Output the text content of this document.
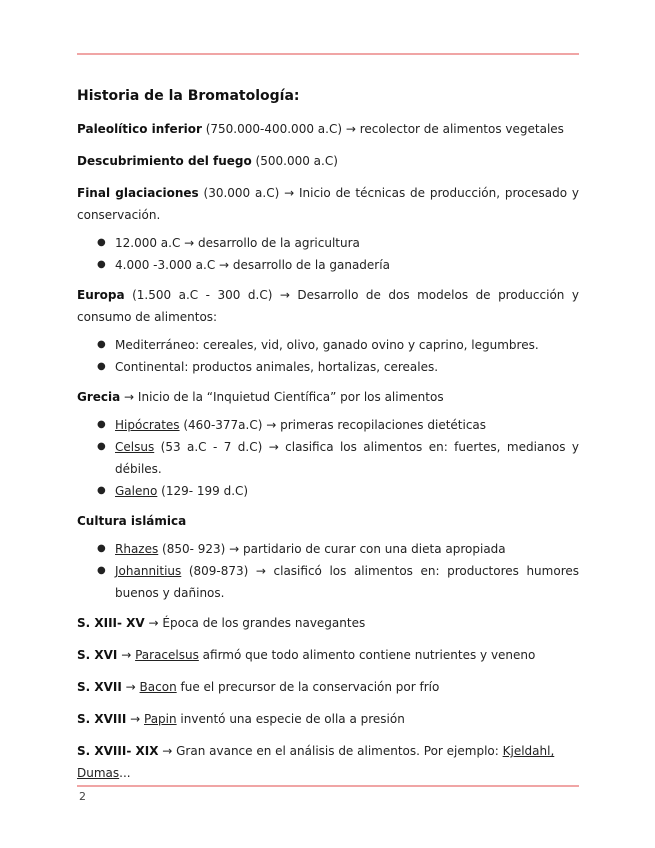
Historia de la Bromatología:

Paleolítico inferior (750.000-400.000 a.C) → recolector de alimentos vegetales

Descubrimiento del fuego (500.000 a.C)

Final glaciaciones (30.000 a.C) → Inicio de técnicas de producción, procesado y conservación.

● 12.000 a.C → desarrollo de la agricultura
● 4.000 -3.000 a.C → desarrollo de la ganadería

Europa (1.500 a.C - 300 d.C) → Desarrollo de dos modelos de producción y consumo de alimentos:

● Mediterráneo: cereales, vid, olivo, ganado ovino y caprino, legumbres.
● Continental: productos animales, hortalizas, cereales.

Grecia → Inicio de la “Inquietud Científica” por los alimentos

● Hipócrates (460-377a.C) → primeras recopilaciones dietéticas
● Celsus (53 a.C - 7 d.C) → clasifica los alimentos en: fuertes, medianos y débiles.
● Galeno (129- 199 d.C)

Cultura islámica

● Rhazes (850- 923) → partidario de curar con una dieta apropiada
● Johannitius (809-873) → clasificó los alimentos en: productores humores buenos y dañinos.

S. XIII- XV → Época de los grandes navegantes

S. XVI → Paracelsus afirmó que todo alimento contiene nutrientes y veneno

S. XVII → Bacon fue el precursor de la conservación por frío

S. XVIII → Papin inventó una especie de olla a presión

S. XVIII- XIX → Gran avance en el análisis de alimentos. Por ejemplo: Kjeldahl, Dumas...

2
